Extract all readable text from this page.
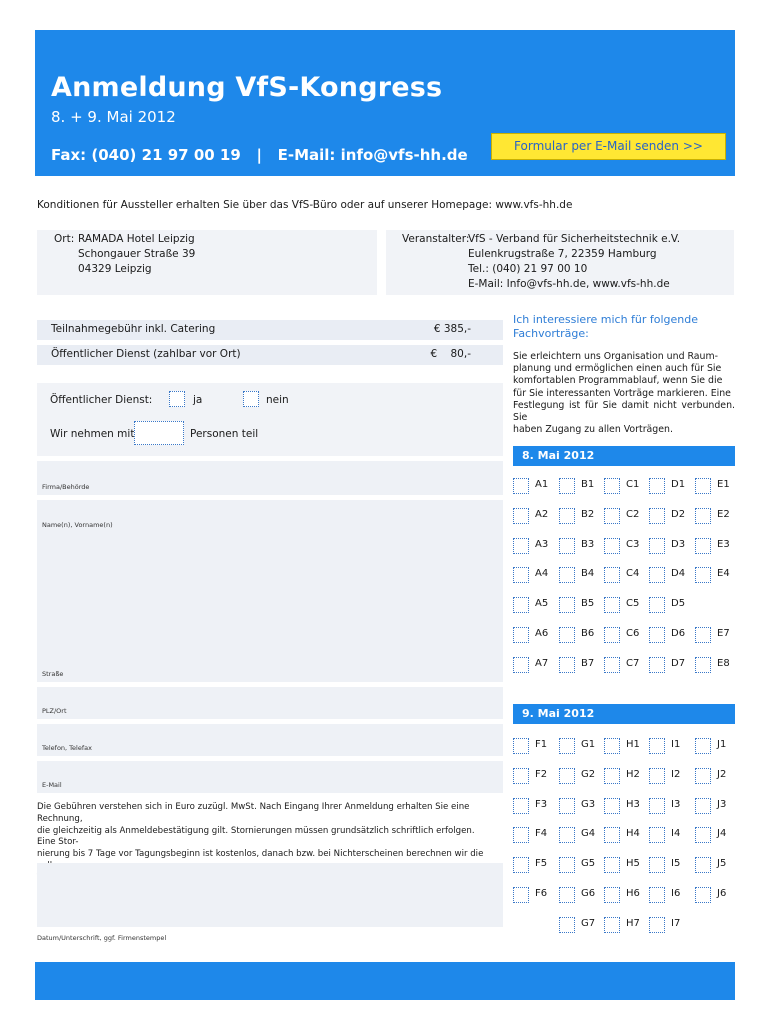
Anmeldung VfS-Kongress
8. + 9. Mai 2012
Fax: (040) 21 97 00 19   |   E-Mail: info@vfs-hh.de	Formular per E-Mail senden >>
Konditionen für Aussteller erhalten Sie über das VfS-Büro oder auf unserer Homepage: www.vfs-hh.de
Ort: RAMADA Hotel Leipzig
Schongauer Straße 39
04329 Leipzig
Veranstalter:
VfS - Verband für Sicherheitstechnik e.V.
Eulenkrugstraße 7, 22359 Hamburg
Tel.: (040) 21 97 00 10
E-Mail: Info@vfs-hh.de, www.vfs-hh.de
Teilnahmegebühr inkl. Catering	€ 385,-
Öffentlicher Dienst (zahlbar vor Ort)	€    80,-
Öffentlicher Dienst:	ja	nein
Wir nehmen mit	Personen teil
Firma/Behörde
Name(n), Vorname(n)
Straße
PLZ/Ort
Telefon, Telefax
E-Mail
Die Gebühren verstehen sich in Euro zuzügl. MwSt. Nach Eingang Ihrer Anmeldung erhalten Sie eine Rechnung,
die gleichzeitig als Anmeldebestätigung gilt. Stornierungen müssen grundsätzlich schriftlich erfolgen. Eine Stor-
nierung bis 7 Tage vor Tagungsbeginn ist kostenlos, danach bzw. bei Nichterscheinen berechnen wir die
Datum/Unterschrift, ggf. Firmenstempel
Ich interessiere mich für folgende
Fachvorträge:
Sie erleichtern uns Organisation und Raum-
planung und ermöglichen einen auch für Sie
komfortablen Programmablauf, wenn Sie die
für Sie interessanten Vorträge markieren. Eine
Festlegung ist für Sie damit nicht verbunden. Sie
haben Zugang zu allen Vorträgen.
8. Mai 2012
A1	B1	C1	D1	E1
A2	B2	C2	D2	E2
A3	B3	C3	D3	E3
A4	B4	C4	D4	E4
A5	B5	C5	D5
A6	B6	C6	D6	E7
A7	B7	C7	D7	E8
9. Mai 2012
F1	G1	H1	I1	J1
F2	G2	H2	I2	J2
F3	G3	H3	I3	J3
F4	G4	H4	I4	J4
F5	G5	H5	I5	J5
F6	G6	H6	I6	J6
G7	H7	I7
